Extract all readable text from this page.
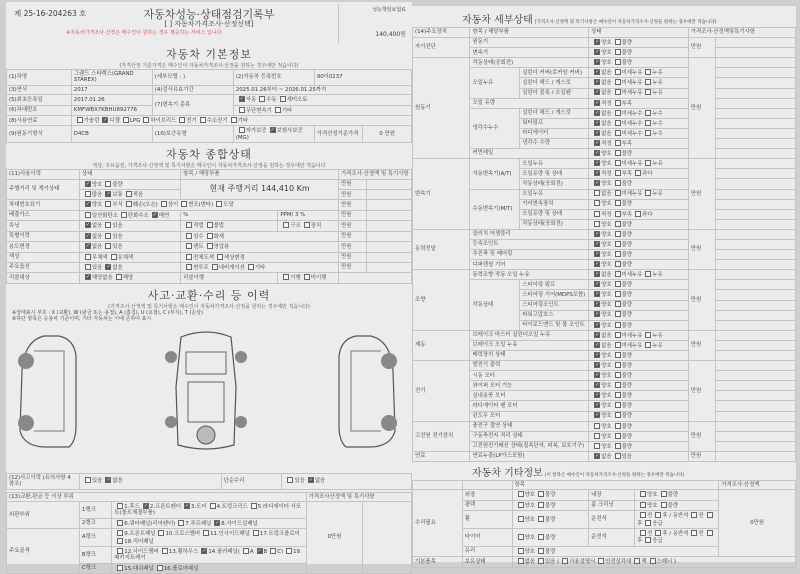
제 25-16-204263 호	자동차성능·상태점검기록부
[ ] 자동차가격조사·산정선택]
※자동차가격조사·산정은 매수인이 원하는 경우 제공하는 서비스 입니다.
성능책임보험료
140,400원
자동차 기본정보
(가격산정 기준가격은 매수인이 자동차가격조사·산정을 원하는 경우에만 적습니다)
(1)차명	그랜드 스타렉스(GRAND STAREX)	(세부모델 : )	(2)자동차 등록번호	90더0237	
(3)연식	2017	(4)검사유효기간	2025.01.26부터 ~ 2026.01.25까지		
(5)최초등록일	2017.01.26	(7)변속기 종류	✓자동 수동 세미오토
(6)차대번호	KMFWBX7KBHU892776		무단변속기 기타		
(8)사용연료	가솔린 ✓ 디젤 LPG 하이브리드 전기 수소전기 기타
(9)원동기형식	D4CB	(10)보증유형	자가보증 ✓ 보험사보증(MG)	가격산정기준가격	0 만원
자동차 종합상태
색상, 주요옵션, 가격조사·산정액 및 특기사항은 매수인이 자동차가격조사·산정을 원하는 경우에만 적습니다
(11)사용이력	상태	항목 / 해당부품		가격조사·산정액 및 특기사항	
주행거리 및 계기상태	✓양호 불량	현재 주행거리 144,410 Km		만원	
	많음 ✓ 보통 적음			만원	
차대번호표기	✓양호 부식 훼손(오손) 상이 변조(변타) 도말			만원	
배출가스	일산화탄소 탄화수소 ✓ 매연	%	PPM/ 3 %	만원	
튜닝	✓없음 있음	적법 불법	구조 장치	만원	
특별이력	✓없음 있음	침수 화재		만원	
용도변경	✓없음 있음	렌트 영업용		만원	
색상	무채색 유채색	전체도색 색상변경		만원	
주요옵션	있음 ✓ 없음	썬루프 네비게이션 기타		만원	
리콜대상	✓해당없음 해당	리콜이행	이행 미이행		
사고·교환·수리 등 이력
(가격조사·산정액 및 특기사항은 매수인이 자동차가격조사·산정을 원하는 경우에만 적습니다)
※상태표시 부호 : X (교환), W (판금 또는 용접), A (흠집), U (요철), C (부식), T (손상)
※하단 항목은 승용차 기준이며, 기타 자동차는 이에 준하여 표시
(12)사고이력 (유의사항 4 참조)	있음 ✓ 없음	단순수리	있음 ✓ 없음
(13)교환,판금 등 이상 부위			가격조사산정액 및 특기사항	
외판부위	1랭크	1.후드 ✓ 2.프론트펜더 ✓ 3.도어 4.트렁크리드 5.라디에이터 서포트(볼트체결부품)	0만원	
	2랭크	6.쿼터패널(리어펜더) 7.루프패널 ✓ 8.사이드실패널
주요골격	A랭크	9.프론트패널 10.크로스멤버 11.인사이드패널 17.트렁크플로어18.리어패널		
	B랭크	12.사이드멤버 13.휠하우스 ✓ 14.필러패널( A ✓ B C) 19.패키지트레이
	C랭크	15.대쉬패널 16.플로어패널		
자동차 세부상태 [가격조사·산정액 및 특기사항은 매수인이 자동차가격조사·산정을 원하는 경우에만 적습니다]
(14)주요장치	항목 / 해당부품		상태	가격조사·산정액및특기사항	
자기진단	원동기	✓양호 불량	만원	
	변속기	✓양호 불량	
원동기	작동상태(공회전)	✓양호 불량	만원	
	오일누유	실린더 커버(로커암 커버)	✓없음 미세누유 누유	
		실린더 헤드 / 개스킷	✓없음 미세누유 누유	
		실린더 블록 / 오일팬	✓없음 미세누유 누유	
	오일 유량	✓적정 부족	
	냉각수누수	실린더 헤드 / 개스킷	✓없음 미세누수 누수	
		워터펌프	✓없음 미세누수 누수	
		라디에이터	✓없음 미세누수 누수	
		냉각수 수량	✓적정 부족	
	커먼레일	✓양호 불량	
변속기	자동변속기(A/T)	오일누유	✓양호 미세누유 누유	만원	
		오일유량 및 상태	✓적정 부족 과다	
		작동상태(공회전)	✓양호 불량	
	수동변속기(M/T)	오일누유	없음 미세누유 누유		
		기어변속장치	양호 불량		
		오일유량 및 상태	적정 부족 과다		
		작동상태(공회전)	양호 불량		
동력전달	클러치 어셈블리	✓양호 불량	만원	
	등속조인트	✓양호 불량	
	추진축 및 베어링	✓양호 불량	
	디퍼렌셜 기어	✓양호 불량	
조향	동력조향 작동 오일 누유	✓없음 미세누유 누유	만원	
	작동상태	스티어링 펌프	✓양호 불량	
		스티어링 기어(MDPS포함)	✓양호 불량	
		스티어링조인트	✓양호 불량	
		파워고압호스	✓양호 불량	
		타이로드엔드 및 볼 조인트	✓양호 불량	
제동	브레이크 마스터 실린더오일 누유	✓없음 미세누유 누유	만원	
	브레이크 오일 누유	✓없음 미세누유 누유	
	배력장치 상태	✓양호 불량	
전기	발전기 출력	✓양호 불량	만원	
	시동 모터	✓양호 불량	
	와이퍼 모터 기능	✓양호 불량	
	실내송풍 모터	✓양호 불량	
	라디에이터 팬 모터	✓양호 불량	
	윈도우 모터	✓양호 불량	
고전원 전기장치	충전구 절연 상태		양호 불량	만원	
	구동축전지 격리 상태		양호 불량		
	고전원전기배선 상태(접속단자, 피복, 보호기구)		양호 불량		
연료	연료누출(LP가스포함)	✓없음 있음	만원	
자동차 기타정보 (이 항목은 매수인이 자동차가격조사·산정을 원하는 경우에만 적습니다)
		항목			가격조사·산정액
수리필요	외장	양호 불량	내장	양호 불량	0만원
	광택	양호 불량	룸 크리닝	양호 불량	
	휠	양호 불량	운전석	전 후 / 동반석 전후 응급	
	타이어	양호 불량	운전석	전 후 / 동반석 전후 응급	
	유리	양호 불량			
기본품목	보유상태	없음 있음 ( 사용설명서 안전삼각대 잭 스패너 )			
